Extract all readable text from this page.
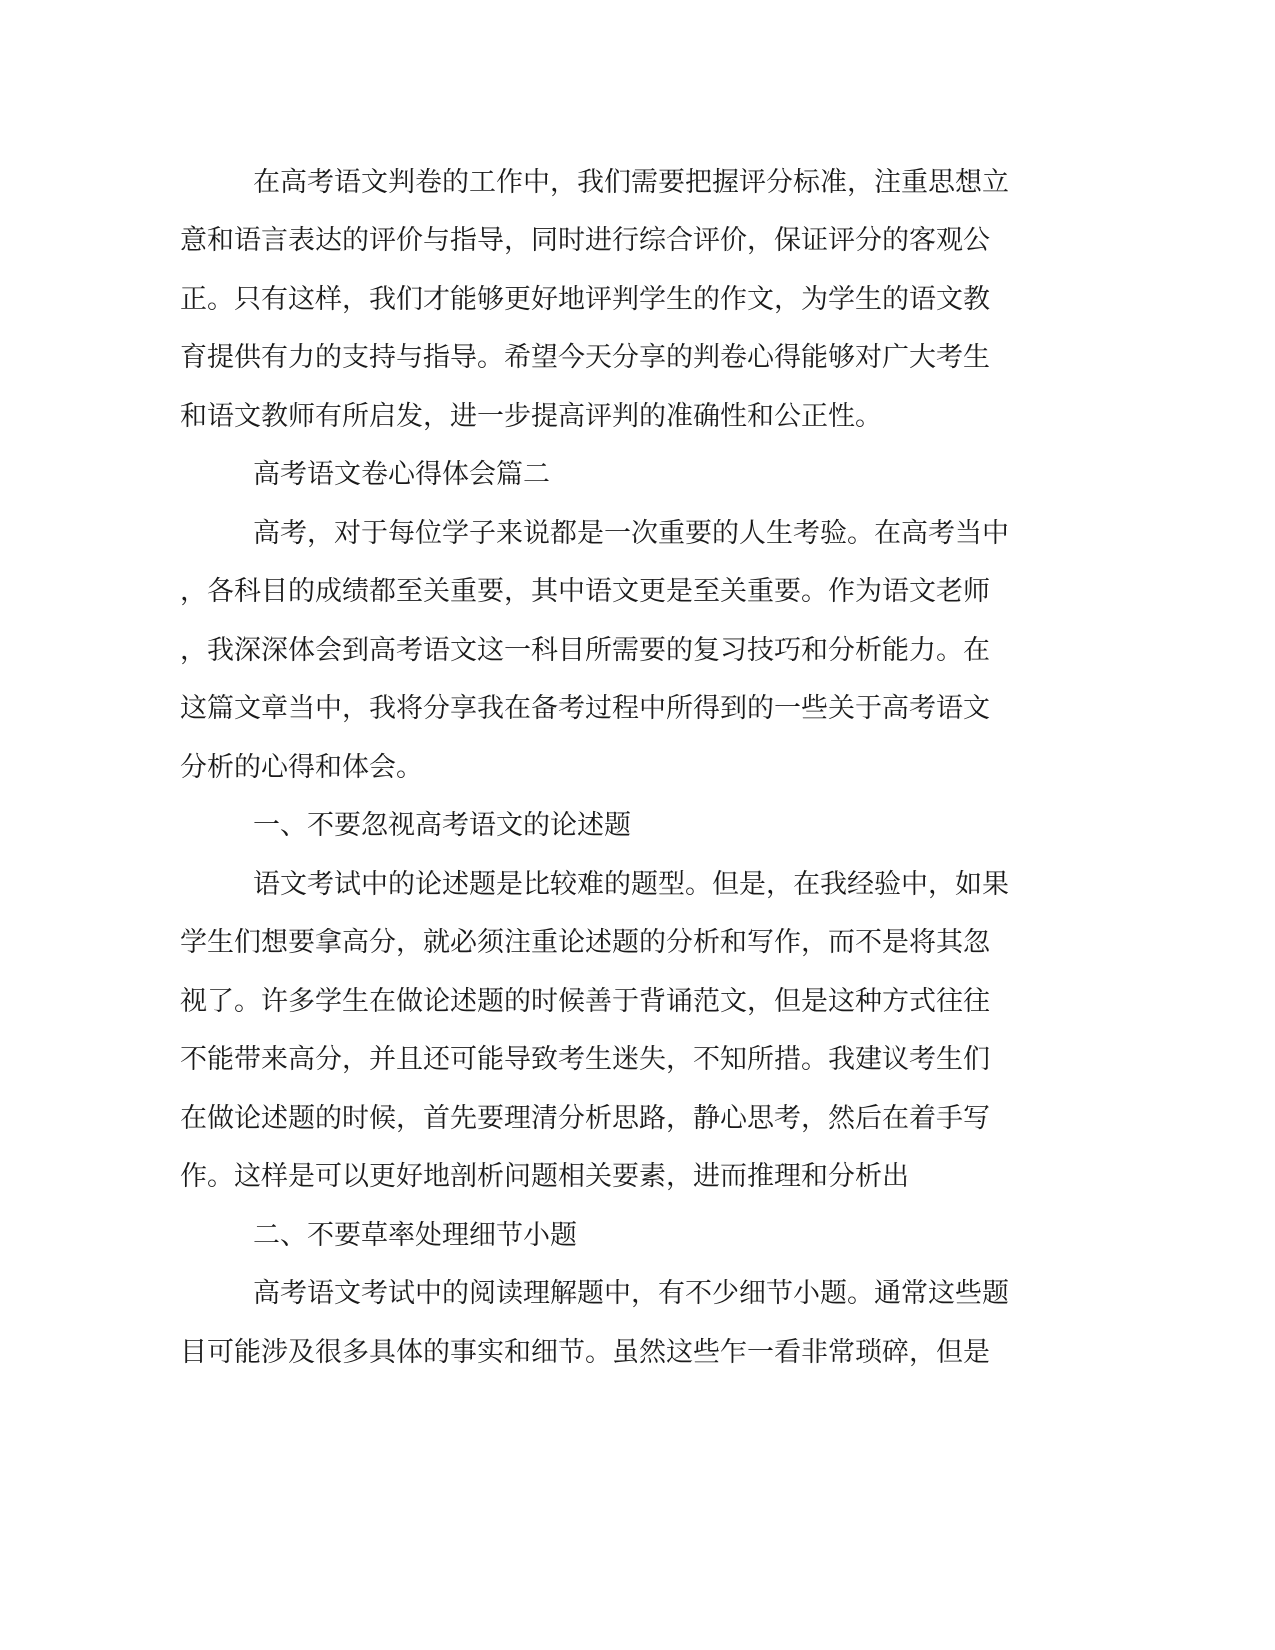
在高考语文判卷的工作中，我们需要把握评分标准，注重思想立
意和语言表达的评价与指导，同时进行综合评价，保证评分的客观公
正。只有这样，我们才能够更好地评判学生的作文，为学生的语文教
育提供有力的支持与指导。希望今天分享的判卷心得能够对广大考生
和语文教师有所启发，进一步提高评判的准确性和公正性。
高考语文卷心得体会篇二
高考，对于每位学子来说都是一次重要的人生考验。在高考当中
，各科目的成绩都至关重要，其中语文更是至关重要。作为语文老师
，我深深体会到高考语文这一科目所需要的复习技巧和分析能力。在
这篇文章当中，我将分享我在备考过程中所得到的一些关于高考语文
分析的心得和体会。
一、不要忽视高考语文的论述题
语文考试中的论述题是比较难的题型。但是，在我经验中，如果
学生们想要拿高分，就必须注重论述题的分析和写作，而不是将其忽
视了。许多学生在做论述题的时候善于背诵范文，但是这种方式往往
不能带来高分，并且还可能导致考生迷失，不知所措。我建议考生们
在做论述题的时候，首先要理清分析思路，静心思考，然后在着手写
作。这样是可以更好地剖析问题相关要素，进而推理和分析出
二、不要草率处理细节小题
高考语文考试中的阅读理解题中，有不少细节小题。通常这些题
目可能涉及很多具体的事实和细节。虽然这些乍一看非常琐碎，但是
